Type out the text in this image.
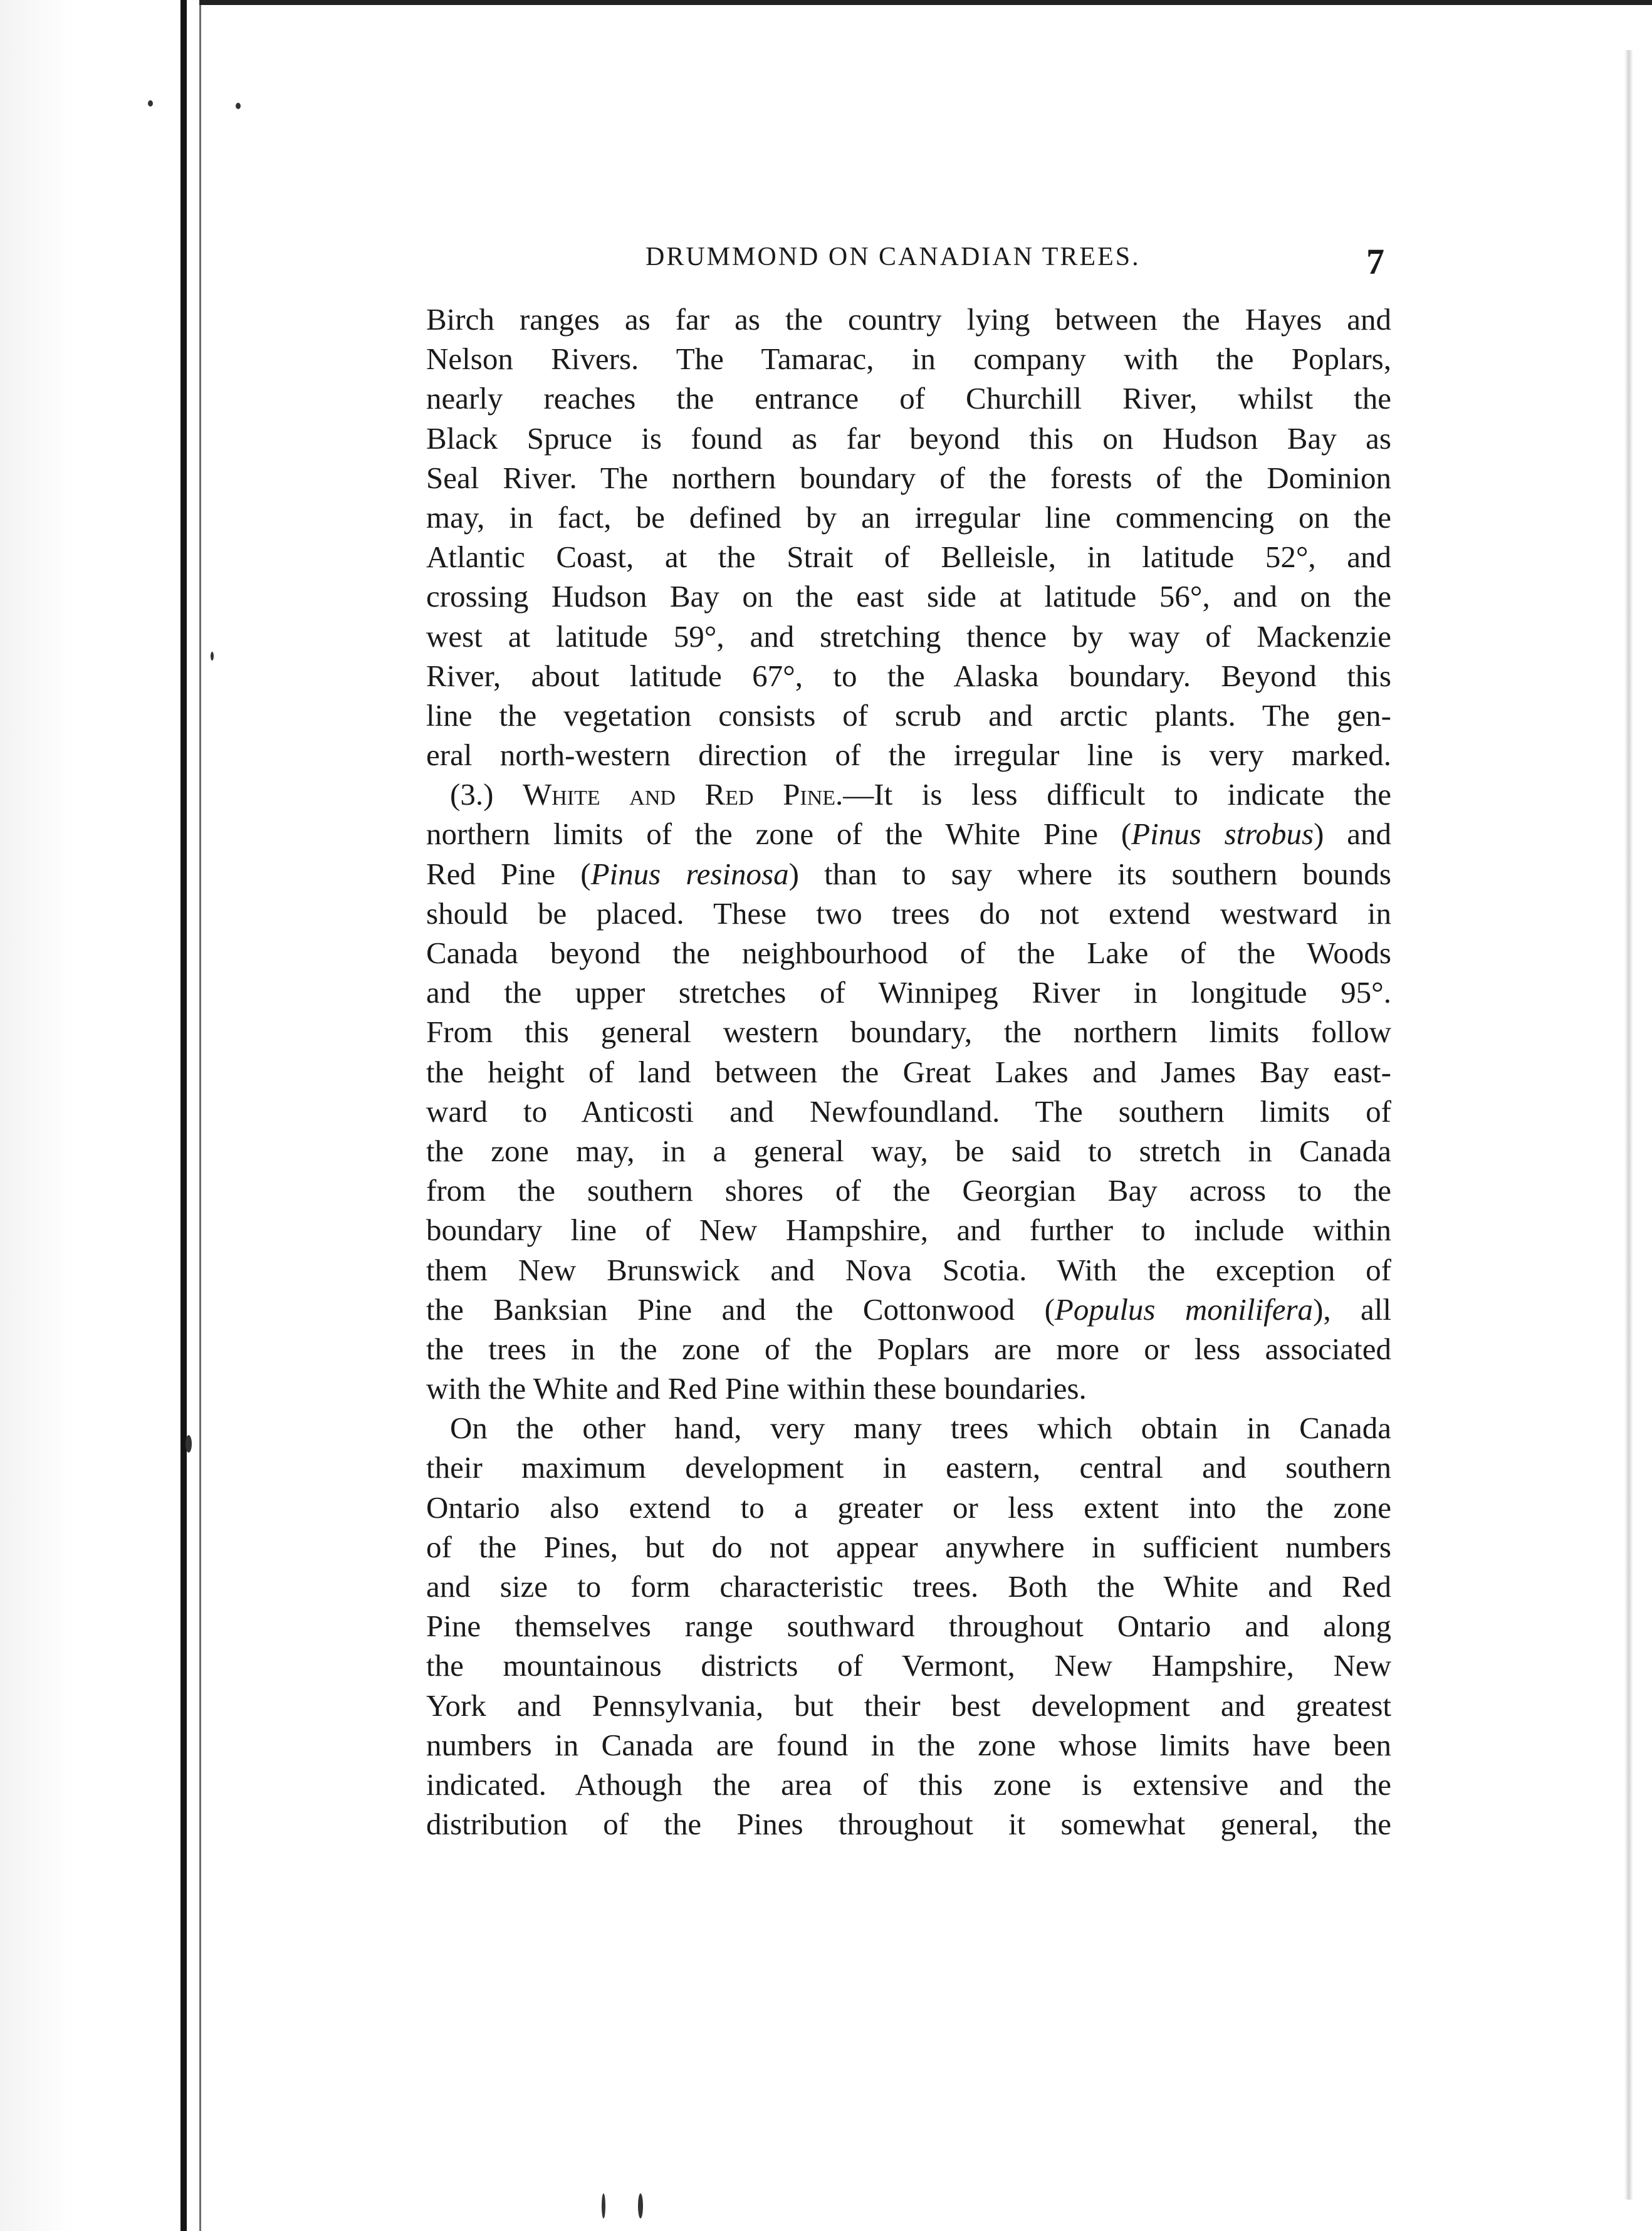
DRUMMOND ON CANADIAN TREES.	7
Birch ranges as far as the country lying between the Hayes and
Nelson Rivers. The Tamarac, in company with the Poplars,
nearly reaches the entrance of Churchill River, whilst the
Black Spruce is found as far beyond this on Hudson Bay as
Seal River. The northern boundary of the forests of the Dominion
may, in fact, be defined by an irregular line commencing on the
Atlantic Coast, at the Strait of Belleisle, in latitude 52°, and
crossing Hudson Bay on the east side at latitude 56°, and on the
west at latitude 59°, and stretching thence by way of Mackenzie
River, about latitude 67°, to the Alaska boundary. Beyond this
line the vegetation consists of scrub and arctic plants. The gen-
eral north-western direction of the irregular line is very marked.
(3.) White and Red Pine.—It is less difficult to indicate the
northern limits of the zone of the White Pine (Pinus strobus) and
Red Pine (Pinus resinosa) than to say where its southern bounds
should be placed. These two trees do not extend westward in
Canada beyond the neighbourhood of the Lake of the Woods
and the upper stretches of Winnipeg River in longitude 95°.
From this general western boundary, the northern limits follow
the height of land between the Great Lakes and James Bay east-
ward to Anticosti and Newfoundland. The southern limits of
the zone may, in a general way, be said to stretch in Canada
from the southern shores of the Georgian Bay across to the
boundary line of New Hampshire, and further to include within
them New Brunswick and Nova Scotia. With the exception of
the Banksian Pine and the Cottonwood (Populus monilifera), all
the trees in the zone of the Poplars are more or less associated
with the White and Red Pine within these boundaries.
On the other hand, very many trees which obtain in Canada
their maximum development in eastern, central and southern
Ontario also extend to a greater or less extent into the zone
of the Pines, but do not appear anywhere in sufficient numbers
and size to form characteristic trees. Both the White and Red
Pine themselves range southward throughout Ontario and along
the mountainous districts of Vermont, New Hampshire, New
York and Pennsylvania, but their best development and greatest
numbers in Canada are found in the zone whose limits have been
indicated. Athough the area of this zone is extensive and the
distribution of the Pines throughout it somewhat general, the
